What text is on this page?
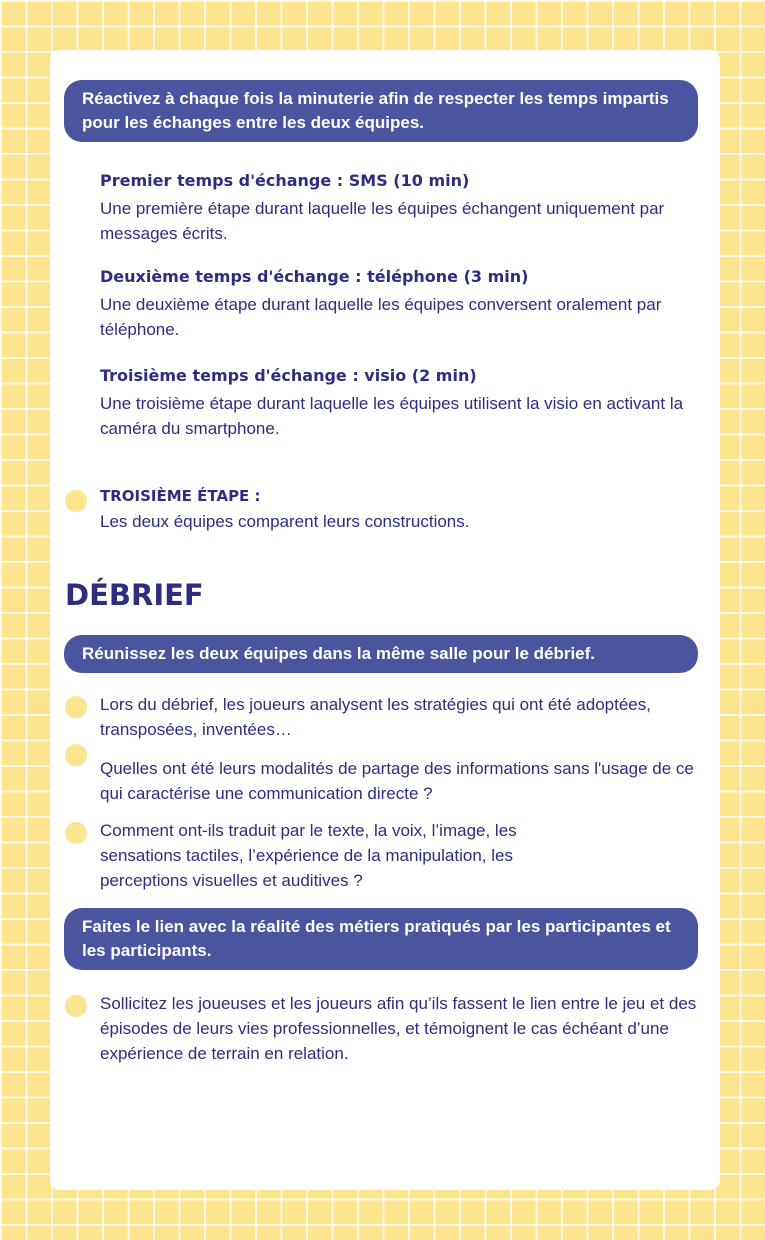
Réactivez à chaque fois la minuterie afin de respecter les temps impartis pour les échanges entre les deux équipes.

Premier temps d'échange : SMS (10 min)

Une première étape durant laquelle les équipes échangent uniquement par messages écrits.

Deuxième temps d'échange : téléphone (3 min)

Une deuxième étape durant laquelle les équipes conversent oralement par téléphone.

Troisième temps d'échange : visio (2 min)

Une troisième étape durant laquelle les équipes utilisent la visio en activant la caméra du smartphone.

TROISIÈME ÉTAPE :
Les deux équipes comparent leurs constructions.
DÉBRIEF
Réunissez les deux équipes dans la même salle pour le débrief.

Lors du débrief, les joueurs analysent les stratégies qui ont été adoptées, transposées, inventées…

Quelles ont été leurs modalités de partage des informations sans l'usage de ce qui caractérise une communication directe ?

Comment ont-ils traduit par le texte, la voix, l’image, les sensations tactiles, l’expérience de la manipulation, les perceptions visuelles et auditives ?

Faites le lien avec la réalité des métiers pratiqués par les participantes et les participants.

Sollicitez les joueuses et les joueurs afin qu’ils fassent le lien entre le jeu et des épisodes de leurs vies professionnelles, et témoignent le cas échéant d’une expérience de terrain en relation.
